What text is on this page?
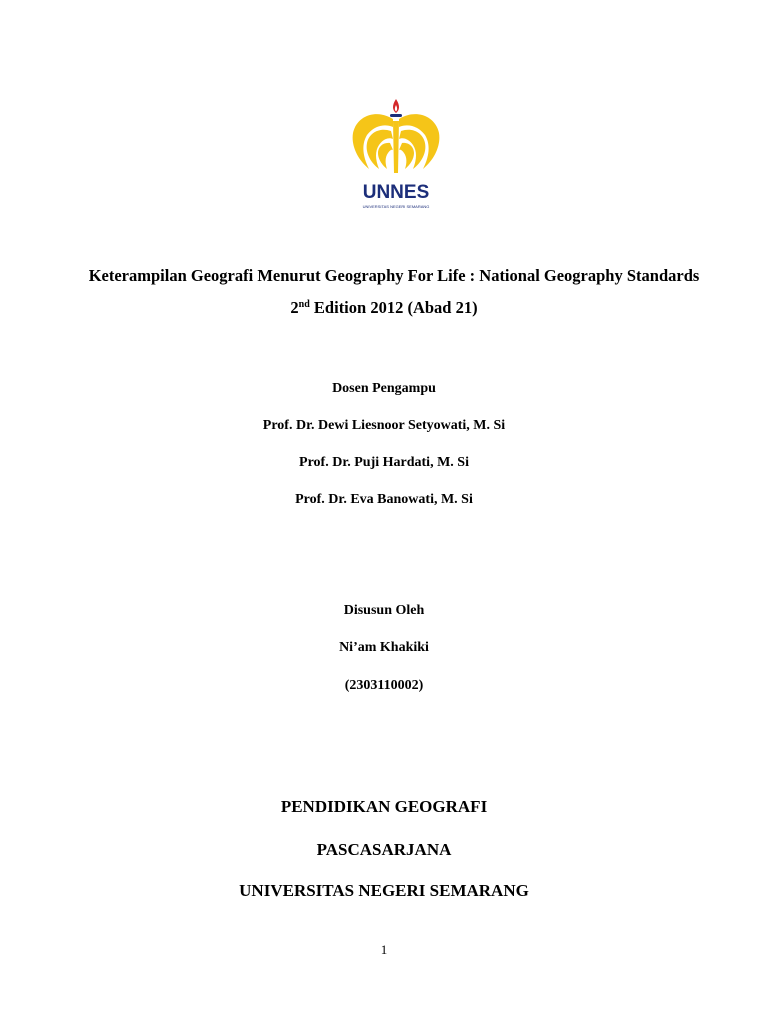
UNNES
UNIVERSITAS NEGERI SEMARANG
Keterampilan Geografi Menurut Geography For Life : National Geography Standards
2nd Edition 2012 (Abad 21)
Dosen Pengampu
Prof. Dr. Dewi Liesnoor Setyowati, M. Si
Prof. Dr. Puji Hardati, M. Si
Prof. Dr. Eva Banowati, M. Si
Disusun Oleh
Ni’am Khakiki
(2303110002)
PENDIDIKAN GEOGRAFI
PASCASARJANA
UNIVERSITAS NEGERI SEMARANG
1
